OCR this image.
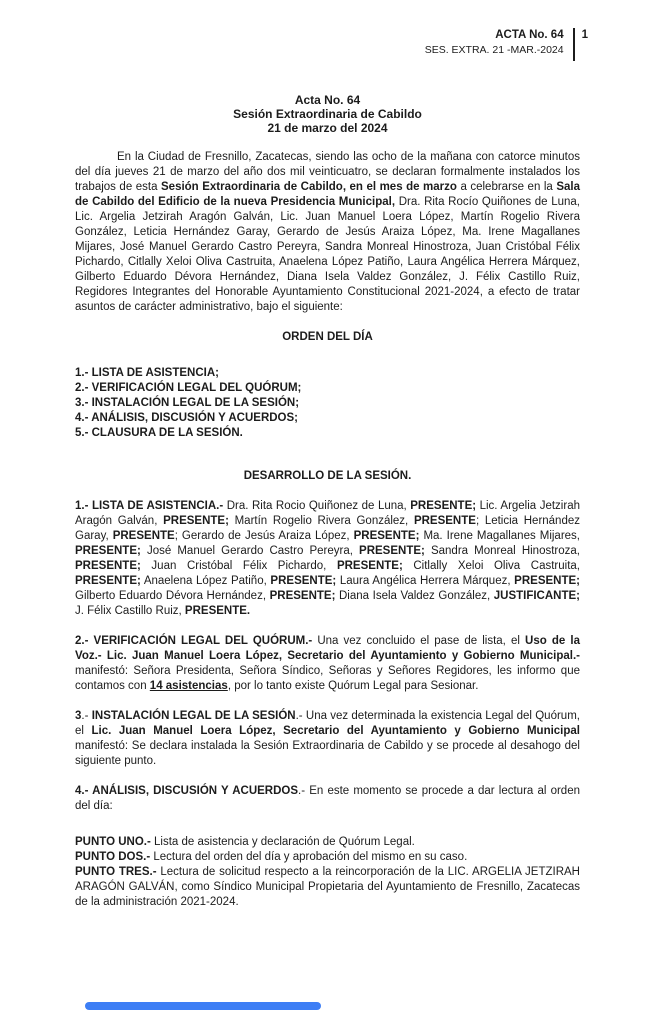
ACTA No. 64
SES. EXTRA. 21 -MAR.-2024
1
Acta No. 64
Sesión Extraordinaria de Cabildo
21 de marzo del 2024

En la Ciudad de Fresnillo, Zacatecas, siendo las ocho de la mañana con catorce minutos del día jueves 21 de marzo del año dos mil veinticuatro, se declaran formalmente instalados los trabajos de esta Sesión Extraordinaria de Cabildo, en el mes de marzo a celebrarse en la Sala de Cabildo del Edificio de la nueva Presidencia Municipal, Dra. Rita Rocío Quiñones de Luna, Lic. Argelia Jetzirah Aragón Galván, Lic. Juan Manuel Loera López, Martín Rogelio Rivera González, Leticia Hernández Garay, Gerardo de Jesús Araiza López, Ma. Irene Magallanes Mijares, José Manuel Gerardo Castro Pereyra, Sandra Monreal Hinostroza, Juan Cristóbal Félix Pichardo, Citlally Xeloi Oliva Castruita, Anaelena López Patiño, Laura Angélica Herrera Márquez, Gilberto Eduardo Dévora Hernández, Diana Isela Valdez González, J. Félix Castillo Ruiz, Regidores Integrantes del Honorable Ayuntamiento Constitucional 2021-2024, a efecto de tratar asuntos de carácter administrativo, bajo el siguiente:

ORDEN DEL DÍA

1.- LISTA DE ASISTENCIA;

2.- VERIFICACIÓN LEGAL DEL QUÓRUM;

3.- INSTALACIÓN LEGAL DE LA SESIÓN;

4.- ANÁLISIS, DISCUSIÓN Y ACUERDOS;

5.- CLAUSURA DE LA SESIÓN.

DESARROLLO DE LA SESIÓN.

1.- LISTA DE ASISTENCIA.- Dra. Rita Rocio Quiñonez de Luna, PRESENTE; Lic. Argelia Jetzirah Aragón Galván, PRESENTE; Martín Rogelio Rivera González, PRESENTE; Leticia Hernández Garay, PRESENTE; Gerardo de Jesús Araiza López, PRESENTE; Ma. Irene Magallanes Mijares, PRESENTE; José Manuel Gerardo Castro Pereyra, PRESENTE; Sandra Monreal Hinostroza, PRESENTE; Juan Cristóbal Félix Pichardo, PRESENTE; Citlally Xeloi Oliva Castruita, PRESENTE; Anaelena López Patiño, PRESENTE; Laura Angélica Herrera Márquez, PRESENTE; Gilberto Eduardo Dévora Hernández, PRESENTE; Diana Isela Valdez González, JUSTIFICANTE; J. Félix Castillo Ruiz, PRESENTE.

2.- VERIFICACIÓN LEGAL DEL QUÓRUM.- Una vez concluido el pase de lista, el Uso de la Voz.- Lic. Juan Manuel Loera López, Secretario del Ayuntamiento y Gobierno Municipal.- manifestó: Señora Presidenta, Señora Síndico, Señoras y Señores Regidores, les informo que contamos con 14 asistencias, por lo tanto existe Quórum Legal para Sesionar.

3.- INSTALACIÓN LEGAL DE LA SESIÓN.- Una vez determinada la existencia Legal del Quórum, el Lic. Juan Manuel Loera López, Secretario del Ayuntamiento y Gobierno Municipal manifestó: Se declara instalada la Sesión Extraordinaria de Cabildo y se procede al desahogo del siguiente punto.

4.- ANÁLISIS, DISCUSIÓN Y ACUERDOS.- En este momento se procede a dar lectura al orden del día:

PUNTO UNO.- Lista de asistencia y declaración de Quórum Legal.

PUNTO DOS.- Lectura del orden del día y aprobación del mismo en su caso.

PUNTO TRES.- Lectura de solicitud respecto a la reincorporación de la LIC. ARGELIA JETZIRAH ARAGÓN GALVÁN, como Síndico Municipal Propietaria del Ayuntamiento de Fresnillo, Zacatecas de la administración 2021-2024.
